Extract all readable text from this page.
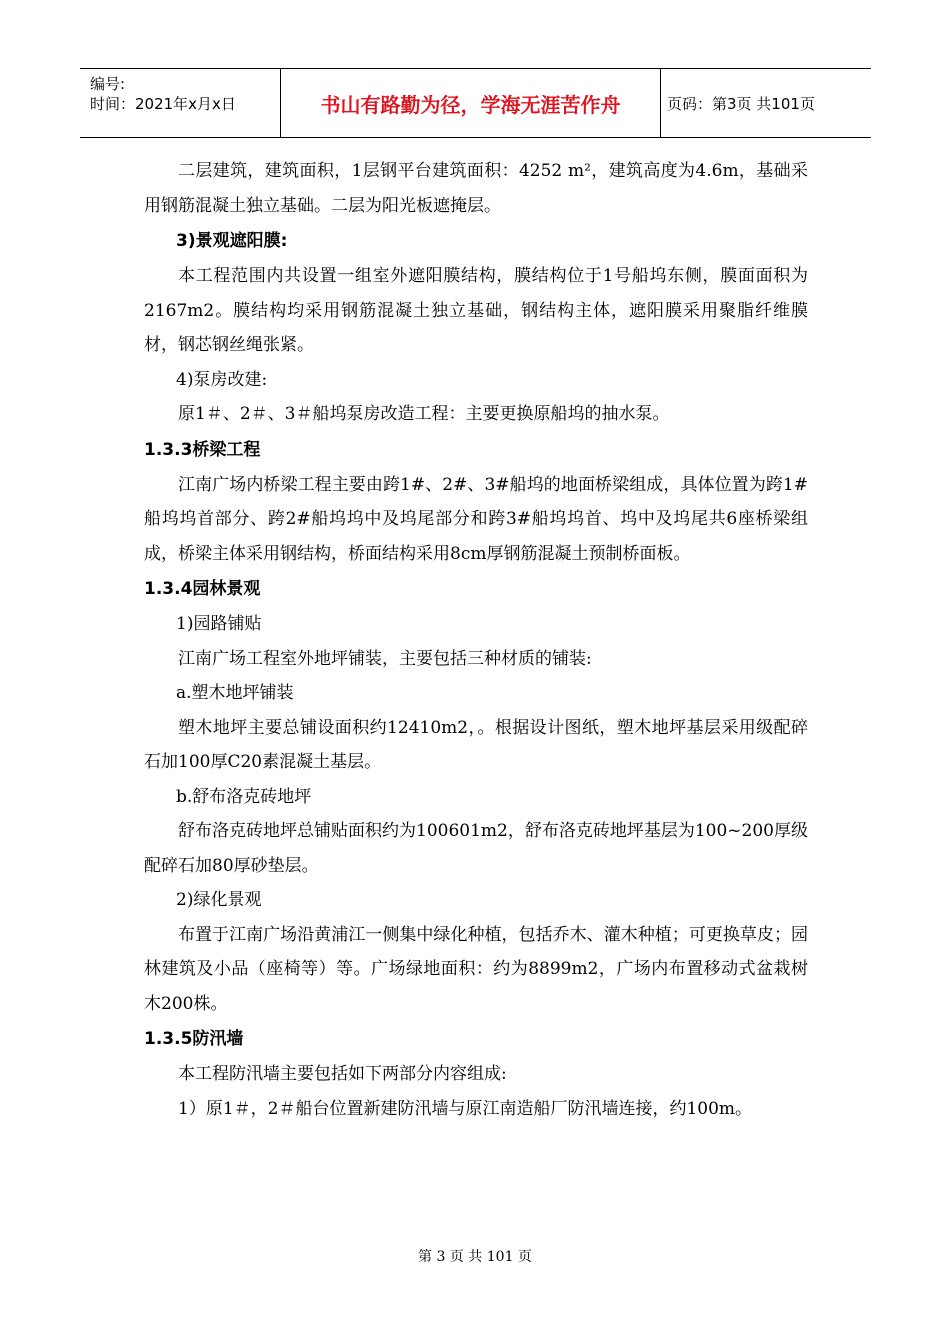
编号:
时间：2021年x月x日	书山有路勤为径，学海无涯苦作舟	页码：第3页 共101页

二层建筑，建筑面积，1层钢平台建筑面积：4252 m²，建筑高度为4.6m，基础采用钢筋混凝土独立基础。二层为阳光板遮掩层。

3)景观遮阳膜:

本工程范围内共设置一组室外遮阳膜结构，膜结构位于1号船坞东侧，膜面面积为2167m2。膜结构均采用钢筋混凝土独立基础，钢结构主体，遮阳膜采用聚脂纤维膜材，钢芯钢丝绳张紧。

4)泵房改建:

原1＃、2＃、3＃船坞泵房改造工程：主要更换原船坞的抽水泵。

1.3.3桥梁工程

江南广场内桥梁工程主要由跨1#、2#、3#船坞的地面桥梁组成，具体位置为跨1#船坞坞首部分、跨2#船坞坞中及坞尾部分和跨3#船坞坞首、坞中及坞尾共6座桥梁组成，桥梁主体采用钢结构，桥面结构采用8cm厚钢筋混凝土预制桥面板。

1.3.4园林景观

1)园路铺贴

江南广场工程室外地坪铺装，主要包括三种材质的铺装:

a.塑木地坪铺装

塑木地坪主要总铺设面积约12410m2，。根据设计图纸，塑木地坪基层采用级配碎石加100厚C20素混凝土基层。

b.舒布洛克砖地坪

舒布洛克砖地坪总铺贴面积约为100601m2，舒布洛克砖地坪基层为100~200厚级配碎石加80厚砂垫层。

2)绿化景观

布置于江南广场沿黄浦江一侧集中绿化种植，包括乔木、灌木种植；可更换草皮；园林建筑及小品（座椅等）等。广场绿地面积：约为8899m2，广场内布置移动式盆栽树木200株。

1.3.5防汛墙

本工程防汛墙主要包括如下两部分内容组成:

1）原1＃，2＃船台位置新建防汛墙与原江南造船厂防汛墙连接，约100m。

第 3 页 共 101 页
